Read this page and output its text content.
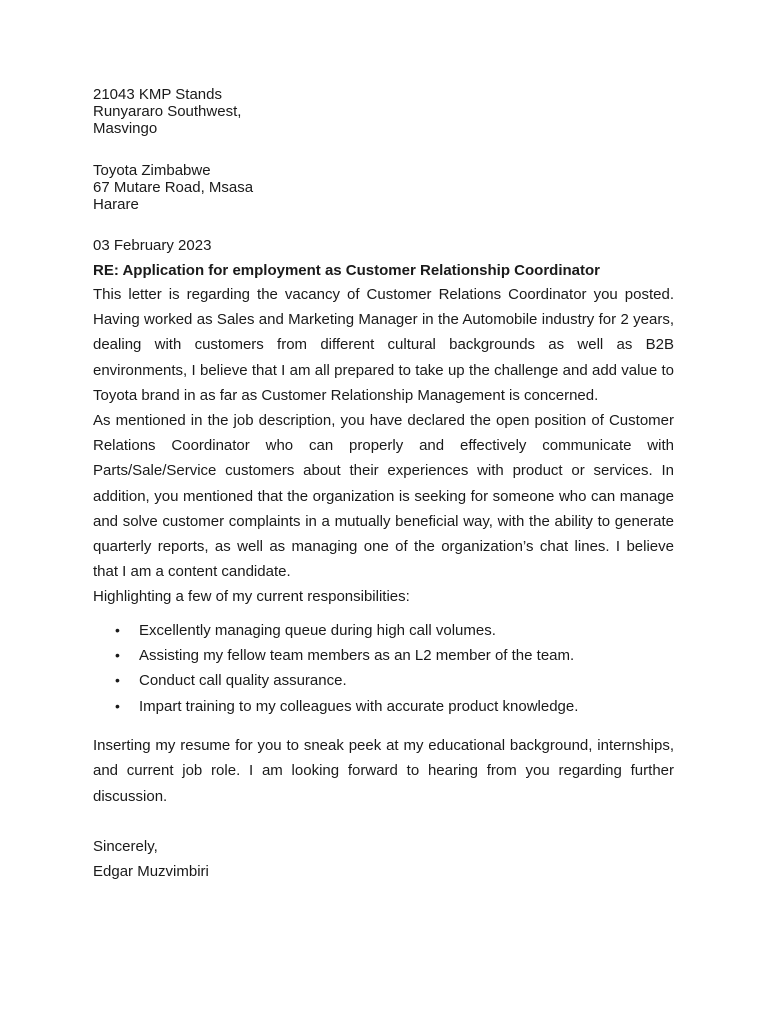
21043 KMP Stands
Runyararo Southwest,
Masvingo
Toyota Zimbabwe
67 Mutare Road, Msasa
Harare
03 February 2023
RE: Application for employment as Customer Relationship Coordinator

This letter is regarding the vacancy of Customer Relations Coordinator you posted. Having worked as Sales and Marketing Manager in the Automobile industry for 2 years, dealing with customers from different cultural backgrounds as well as B2B environments, I believe that I am all prepared to take up the challenge and add value to Toyota brand in as far as Customer Relationship Management is concerned.

As mentioned in the job description, you have declared the open position of Customer Relations Coordinator who can properly and effectively communicate with Parts/Sale/Service customers about their experiences with product or services. In addition, you mentioned that the organization is seeking for someone who can manage and solve customer complaints in a mutually beneficial way, with the ability to generate quarterly reports, as well as managing one of the organization’s chat lines. I believe that I am a content candidate.

Highlighting a few of my current responsibilities:

• Excellently managing queue during high call volumes.
• Assisting my fellow team members as an L2 member of the team.
• Conduct call quality assurance.
• Impart training to my colleagues with accurate product knowledge.

Inserting my resume for you to sneak peek at my educational background, internships, and current job role. I am looking forward to hearing from you regarding further discussion.

Sincerely,
Edgar Muzvimbiri
